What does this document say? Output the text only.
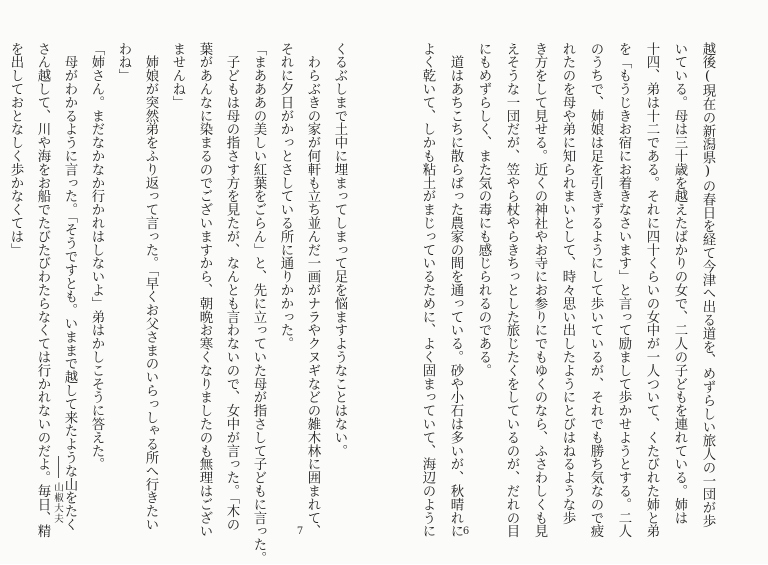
越後(現在の新潟県)の春日を経て今津へ出る道を、めずらしい旅人の一団が歩
いている。母は三十歳を越えたばかりの女で、二人の子どもを連れている。姉は
十四、弟は十二である。それに四十くらいの女中が一人ついて、くたびれた姉と弟
を「もうじきお宿にお着きなさいます」と言って励まして歩かせようとする。二人
のうちで、姉娘は足を引きずるようにして歩いているが、それでも勝ち気なので疲
れたのを母や弟に知られまいとして、時々思い出したようにとびはねるような歩
き方をして見せる。近くの神社やお寺にお参りにでもゆくのなら、ふさわしくも見
えそうな一団だが、笠やら杖やらきちっとした旅じたくをしているのが、だれの目
にもめずらしく、また気の毒にも感じられるのである。
　道はあちこちに散らばった農家の間を通っている。砂や小石は多いが、秋晴れに
よく乾いて、しかも粘土がまじっているために、よく固まっていて、海辺のように	6
くるぶしまで土中に埋まってしまって足を悩ますようなことはない。
　わらぶきの家が何軒も立ち並んだ一画がナラやクヌギなどの雑木林に囲まれて、
それに夕日がかっとさしている所に通りかかった。
「まあああの美しい紅葉をごらん」と、先に立っていた母が指さして子どもに言った。
　子どもは母の指さす方を見たが、なんとも言わないので、女中が言った。「木の
葉があんなに染まるのでございますから、朝晩お寒くなりましたのも無理はござい
ませんね」
　姉娘が突然弟をふり返って言った。「早くお父さまのいらっしゃる所へ行きたい
わね」
「姉さん。まだなかなか行かれはしないよ」弟はかしこそうに答えた。
　母がわかるように言った。「そうですとも。いままで越して来たような山をたく
さん越して、川や海をお船でたびたびわたらなくては行かれないのだよ。毎日、精
を出しておとなしく歩かなくては」
山椒大夫
7
